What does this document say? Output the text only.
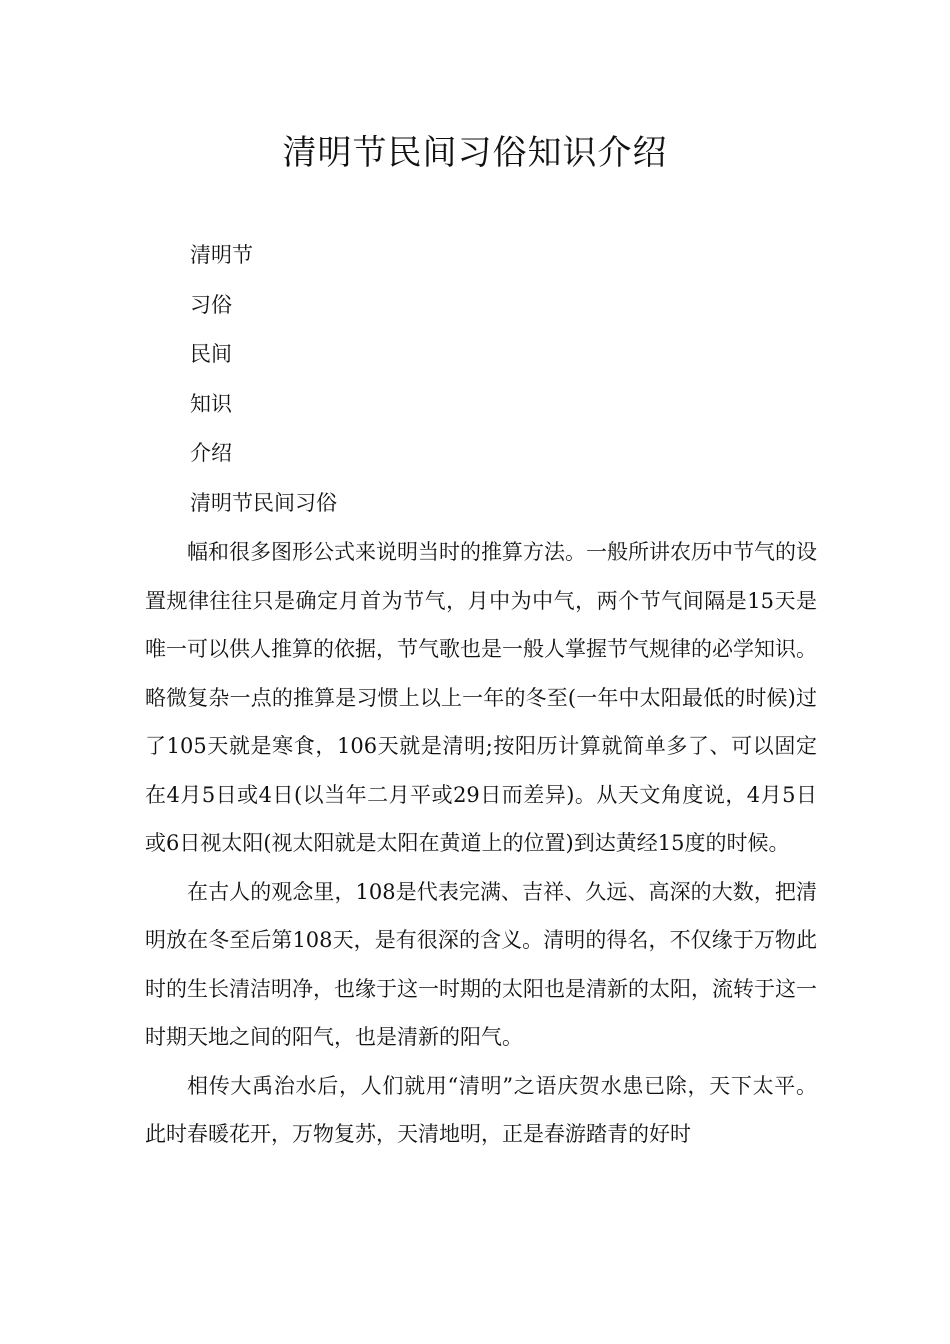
清明节民间习俗知识介绍
清明节
习俗
民间
知识
介绍
清明节民间习俗

幅和很多图形公式来说明当时的推算方法。一般所讲农历中节气的设置规律往往只是确定月首为节气，月中为中气，两个节气间隔是15天是唯一可以供人推算的依据，节气歌也是一般人掌握节气规律的必学知识。略微复杂一点的推算是习惯上以上一年的冬至(一年中太阳最低的时候)过了105天就是寒食，106天就是清明;按阳历计算就简单多了、可以固定在4月5日或4日(以当年二月平或29日而差异)。从天文角度说，4月5日或6日视太阳(视太阳就是太阳在黄道上的位置)到达黄经15度的时候。

在古人的观念里，108是代表完满、吉祥、久远、高深的大数，把清明放在冬至后第108天，是有很深的含义。清明的得名，不仅缘于万物此时的生长清洁明净，也缘于这一时期的太阳也是清新的太阳，流转于这一时期天地之间的阳气，也是清新的阳气。

相传大禹治水后，人们就用“清明”之语庆贺水患已除，天下太平。此时春暖花开，万物复苏，天清地明，正是春游踏青的好时
